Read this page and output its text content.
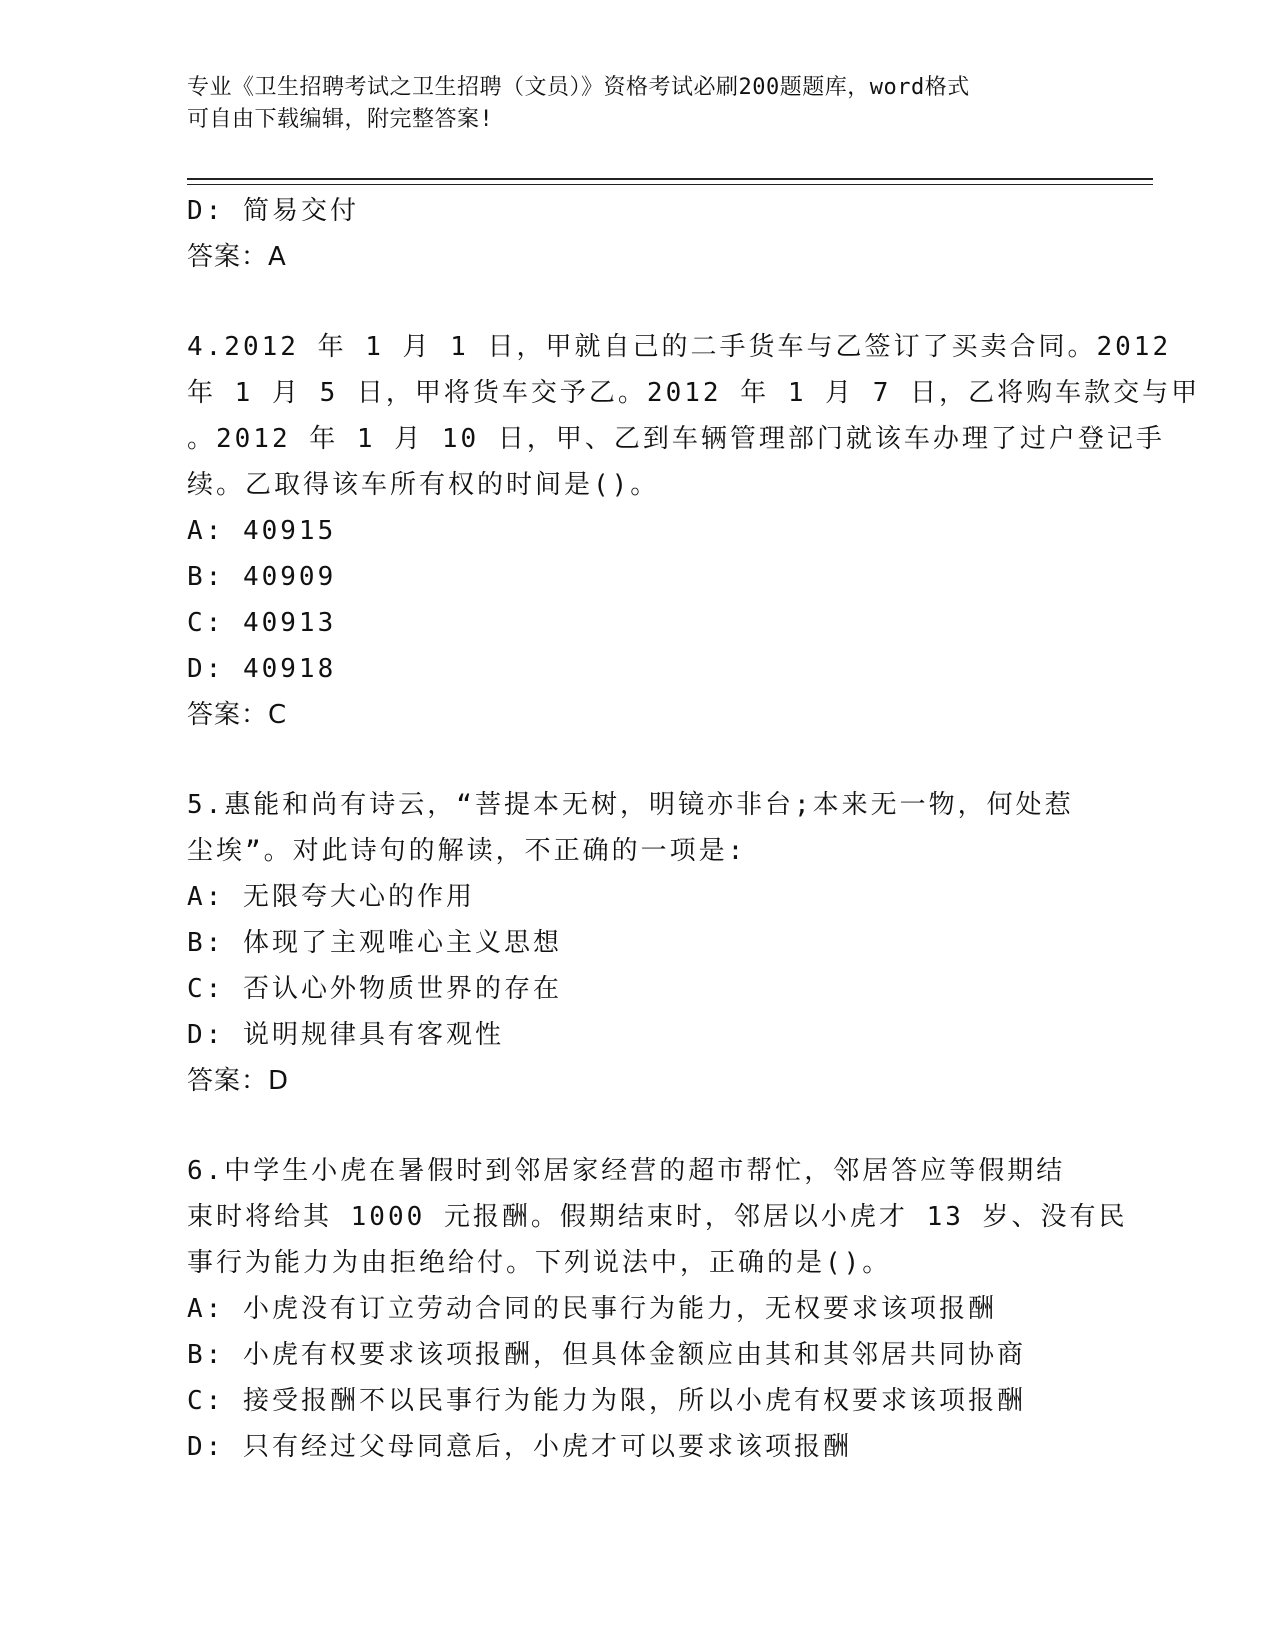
专业《卫生招聘考试之卫生招聘（文员）》资格考试必刷200题题库，word格式
可自由下载编辑，附完整答案!
D: 简易交付
答案：A
4.2012 年 1 月 1 日，甲就自己的二手货车与乙签订了买卖合同。2012
年 1 月 5 日，甲将货车交予乙。2012 年 1 月 7 日，乙将购车款交与甲
。2012 年 1 月 10 日，甲、乙到车辆管理部门就该车办理了过户登记手
续。乙取得该车所有权的时间是()。
A: 40915
B: 40909
C: 40913
D: 40918
答案：C
5.惠能和尚有诗云，“菩提本无树，明镜亦非台;本来无一物，何处惹
尘埃”。对此诗句的解读，不正确的一项是:
A: 无限夸大心的作用
B: 体现了主观唯心主义思想
C: 否认心外物质世界的存在
D: 说明规律具有客观性
答案：D
6.中学生小虎在暑假时到邻居家经营的超市帮忙，邻居答应等假期结
束时将给其 1000 元报酬。假期结束时，邻居以小虎才 13 岁、没有民
事行为能力为由拒绝给付。下列说法中，正确的是()。
A: 小虎没有订立劳动合同的民事行为能力，无权要求该项报酬
B: 小虎有权要求该项报酬，但具体金额应由其和其邻居共同协商
C: 接受报酬不以民事行为能力为限，所以小虎有权要求该项报酬
D: 只有经过父母同意后，小虎才可以要求该项报酬
